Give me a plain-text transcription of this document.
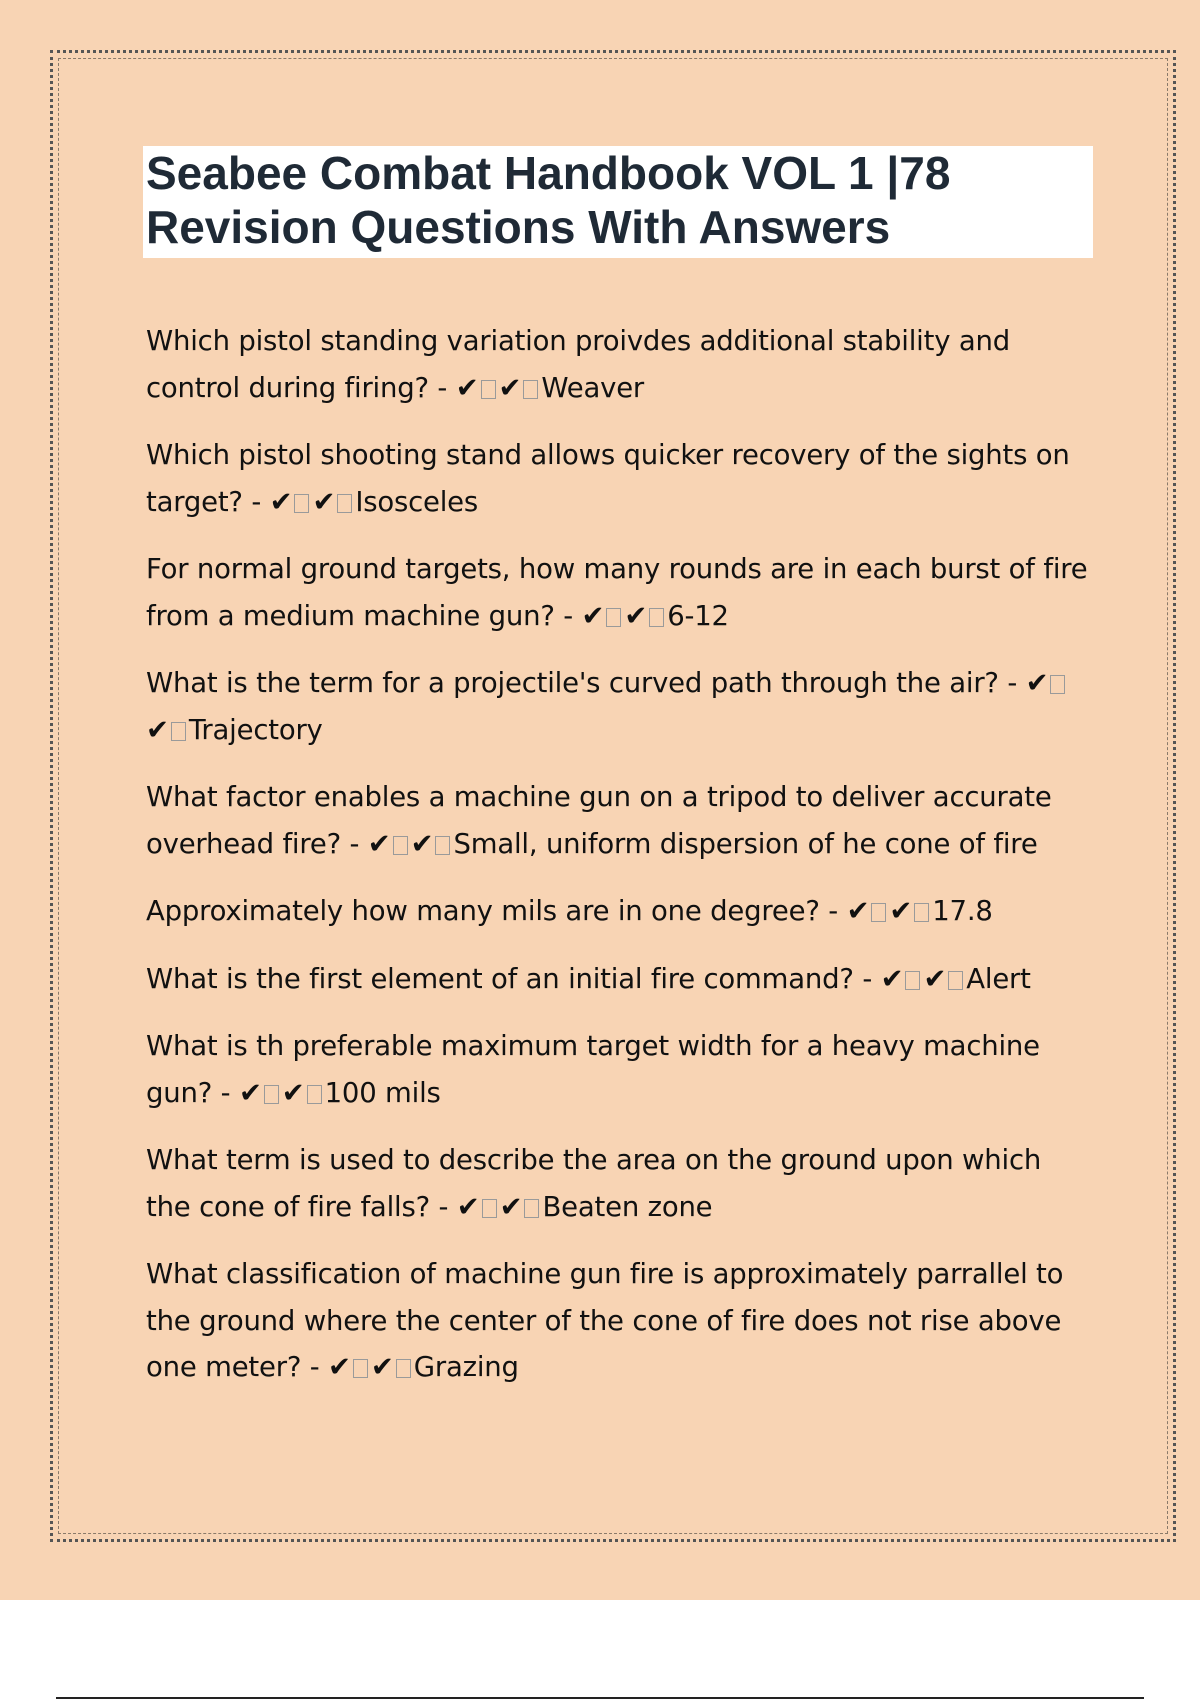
Seabee Combat Handbook VOL 1 |78 Revision Questions With Answers
Which pistol standing variation proivdes additional stability and control during firing? - ✔ ✔ Weaver
Which pistol shooting stand allows quicker recovery of the sights on target? - ✔ ✔ Isosceles
For normal ground targets, how many rounds are in each burst of fire from a medium machine gun? - ✔ ✔ 6-12
What is the term for a projectile's curved path through the air? - ✔✔ Trajectory
What factor enables a machine gun on a tripod to deliver accurate overhead fire? - ✔ ✔ Small, uniform dispersion of he cone of fire
Approximately how many mils are in one degree? - ✔ ✔ 17.8
What is the first element of an initial fire command? - ✔ ✔ Alert
What is th preferable maximum target width for a heavy machine gun? - ✔ ✔ 100 mils
What term is used to describe the area on the ground upon which the cone of fire falls? - ✔ ✔ Beaten zone
What classification of machine gun fire is approximately parrallel to the ground where the center of the cone of fire does not rise above one meter? - ✔ ✔ Grazing
